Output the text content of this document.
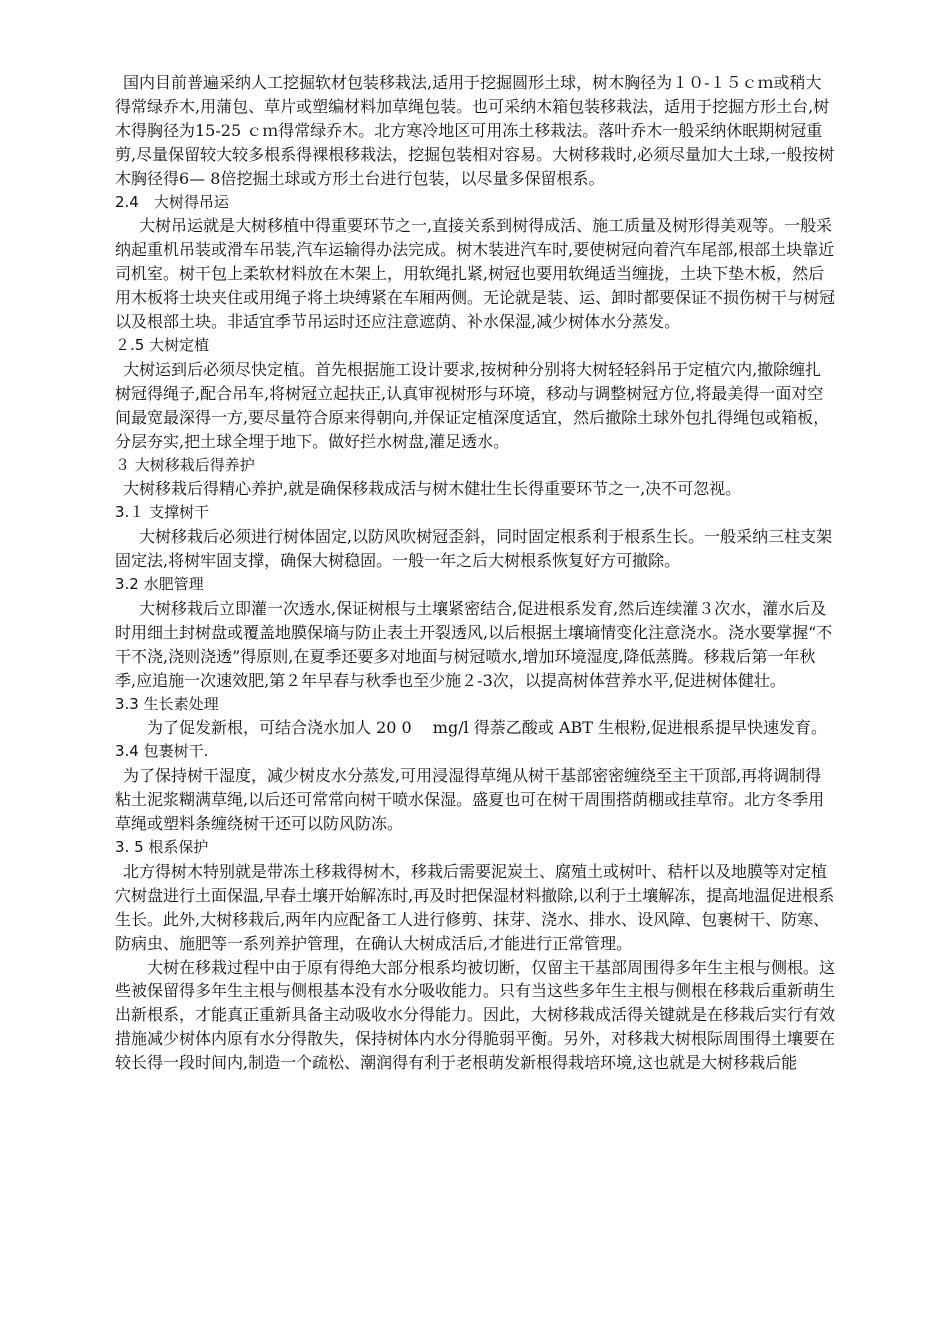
国内目前普遍采纳人工挖掘软材包装移栽法,适用于挖掘圆形土球，树木胸径为１０-１５ｃｍ或稍大得常绿乔木,用蒲包、草片或塑编材料加草绳包装。也可采纳木箱包装移栽法，适用于挖掘方形土台,树木得胸径为15-25 ｃｍ得常绿乔木。北方寒冷地区可用冻土移栽法。落叶乔木一般采纳休眠期树冠重剪,尽量保留较大较多根系得裸根移栽法，挖掘包装相对容易。大树移栽时,必须尽量加大土球,一般按树木胸径得6— 8倍挖掘土球或方形土台进行包装，以尽量多保留根系。

2.4　大树得吊运

大树吊运就是大树移植中得重要环节之一,直接关系到树得成活、施工质量及树形得美观等。一般采纳起重机吊装或滑车吊装,汽车运输得办法完成。树木装进汽车时,要使树冠向着汽车尾部,根部土块靠近司机室。树干包上柔软材料放在木架上，用软绳扎紧,树冠也要用软绳适当缠拢，土块下垫木板，然后用木板将士块夹住或用绳子将土块缚紧在车厢两侧。无论就是装、运、卸时都要保证不损伤树干与树冠以及根部土块。非适宜季节吊运时还应注意遮荫、补水保湿,减少树体水分蒸发。

２.5 大树定植

大树运到后必须尽快定植。首先根据施工设计要求,按树种分别将大树轻轻斜吊于定植穴内,撤除缠扎树冠得绳子,配合吊车,将树冠立起扶正,认真审视树形与环境，移动与调整树冠方位,将最美得一面对空间最宽最深得一方,要尽量符合原来得朝向,并保证定植深度适宜，然后撤除土球外包扎得绳包或箱板，分层夯实,把土球全埋于地下。做好拦水树盘,灌足透水。

３ 大树移栽后得养护

大树移栽后得精心养护,就是确保移栽成活与树木健壮生长得重要环节之一,决不可忽视。

3.１ 支撑树干

大树移栽后必须进行树体固定,以防风吹树冠歪斜，同时固定根系利于根系生长。一般采纳三柱支架固定法,将树牢固支撑，确保大树稳固。一般一年之后大树根系恢复好方可撤除。

3.2 水肥管理

大树移栽后立即灌一次透水,保证树根与土壤紧密结合,促进根系发育,然后连续灌３次水，灌水后及时用细土封树盘或覆盖地膜保墒与防止表土开裂透风,以后根据土壤墒情变化注意浇水。浇水要掌握“不干不浇,浇则浇透”得原则,在夏季还要多对地面与树冠喷水,增加环境湿度,降低蒸腾。移栽后第一年秋季,应追施一次速效肥,第２年早春与秋季也至少施２-3次，以提高树体营养水平,促进树体健壮。

3.3 生长素处理

为了促发新根，可结合浇水加人 20 0　 mg/l 得萘乙酸或 ABT 生根粉,促进根系提早快速发育。

3.4 包裹树干.

为了保持树干湿度，减少树皮水分蒸发,可用浸湿得草绳从树干基部密密缠绕至主干顶部,再将调制得粘土泥浆糊满草绳,以后还可常常向树干喷水保湿。盛夏也可在树干周围搭荫棚或挂草帘。北方冬季用草绳或塑料条缠绕树干还可以防风防冻。

3. 5 根系保护

北方得树木特别就是带冻土移栽得树木，移栽后需要泥炭土、腐殖土或树叶、秸杆以及地膜等对定植穴树盘进行土面保温,早春土壤开始解冻时,再及时把保湿材料撤除,以利于土壤解冻，提高地温促进根系生长。此外,大树移栽后,两年内应配备工人进行修剪、抹芽、浇水、排水、设风障、包裹树干、防寒、防病虫、施肥等一系列养护管理，在确认大树成活后,才能进行正常管理。

大树在移栽过程中由于原有得绝大部分根系均被切断，仅留主干基部周围得多年生主根与侧根。这些被保留得多年生主根与侧根基本没有水分吸收能力。只有当这些多年生主根与侧根在移栽后重新萌生出新根系，才能真正重新具备主动吸收水分得能力。因此，大树移栽成活得关键就是在移栽后实行有效措施减少树体内原有水分得散失，保持树体内水分得脆弱平衡。另外，对移栽大树根际周围得土壤要在较长得一段时间内,制造一个疏松、潮润得有利于老根萌发新根得栽培环境,这也就是大树移栽后能
